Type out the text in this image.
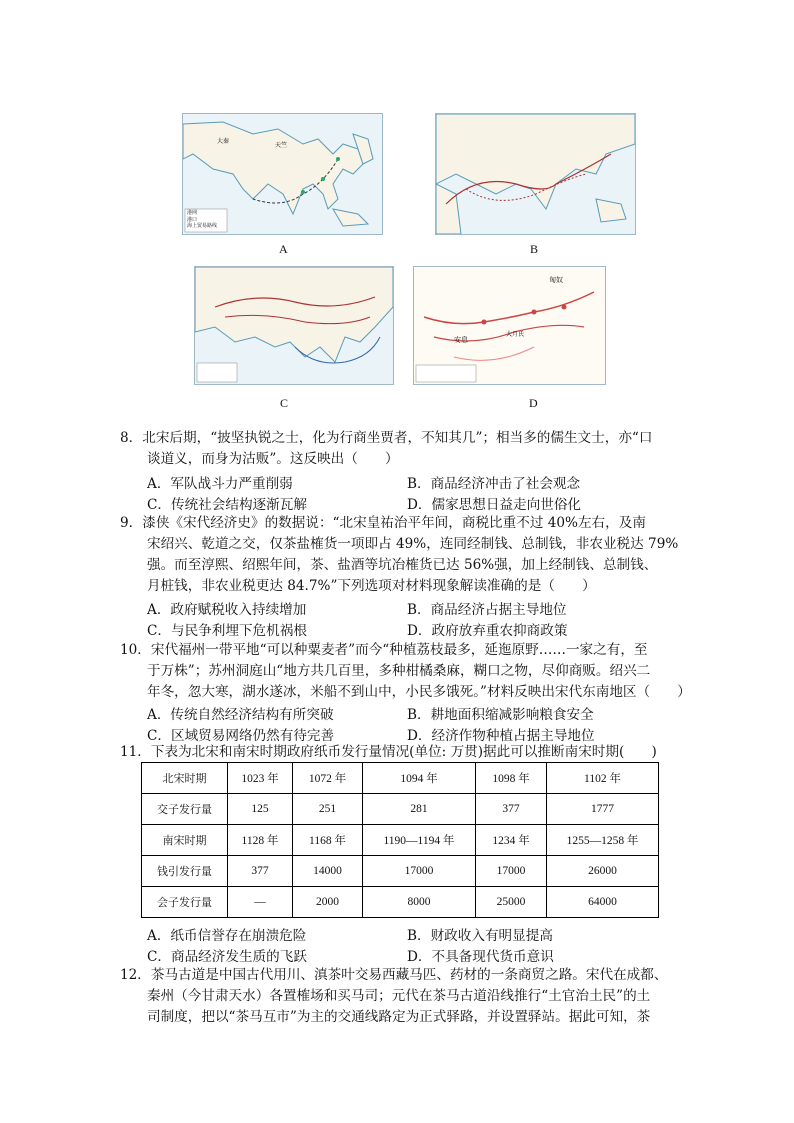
大秦
天竺
港网
港口
海上贸易路线
A	B
C
匈奴
大月氏
安息
D
8．北宋后期，“披坚执锐之士，化为行商坐贾者，不知其几”；相当多的儒生文士，亦“口
谈道义，而身为沽贩”。这反映出（　　）
A．军队战斗力严重削弱	B．商品经济冲击了社会观念
C．传统社会结构逐渐瓦解	D．儒家思想日益走向世俗化
9．漆侠《宋代经济史》的数据说：“北宋皇祐治平年间，商税比重不过 40%左右，及南
宋绍兴、乾道之交，仅茶盐榷货一项即占 49%，连同经制钱、总制钱，非农业税达 79%
强。而至淳熙、绍熙年间，茶、盐酒等坑冶榷货已达 56%强，加上经制钱、总制钱、
月桩钱，非农业税更达 84.7%”下列选项对材料现象解读准确的是（　　）
A．政府赋税收入持续增加	B．商品经济占据主导地位
C．与民争利埋下危机祸根	D．政府放弃重农抑商政策
10．宋代福州一带平地“可以种粟麦者”而今“种植荔枝最多，延迤原野……一家之有，至
于万株”；苏州洞庭山“地方共几百里，多种柑橘桑麻，糊口之物，尽仰商贩。绍兴二
年冬，忽大寒，湖水遂冰，米船不到山中，小民多饿死。”材料反映出宋代东南地区（　　）
A．传统自然经济结构有所突破	B．耕地面积缩减影响粮食安全
C．区域贸易网络仍然有待完善	D．经济作物种植占据主导地位
11．下表为北宋和南宋时期政府纸币发行量情况(单位: 万贯)据此可以推断南宋时期(　　)
北宋时期	1023 年	1072 年	1094 年	1098 年	1102 年
交子发行量	125	251	281	377	1777
南宋时期	1128 年	1168 年	1190—1194 年	1234 年	1255—1258 年
钱引发行量	377	14000	17000	17000	26000
会子发行量	—	2000	8000	25000	64000
A．纸币信誉存在崩溃危险	B．财政收入有明显提高
C．商品经济发生质的飞跃	D．不具备现代货币意识
12．茶马古道是中国古代用川、滇茶叶交易西藏马匹、药材的一条商贸之路。宋代在成都、
秦州（今甘肃天水）各置榷场和买马司；元代在茶马古道沿线推行“土官治土民”的土
司制度，把以“茶马互市”为主的交通线路定为正式驿路，并设置驿站。据此可知，茶
